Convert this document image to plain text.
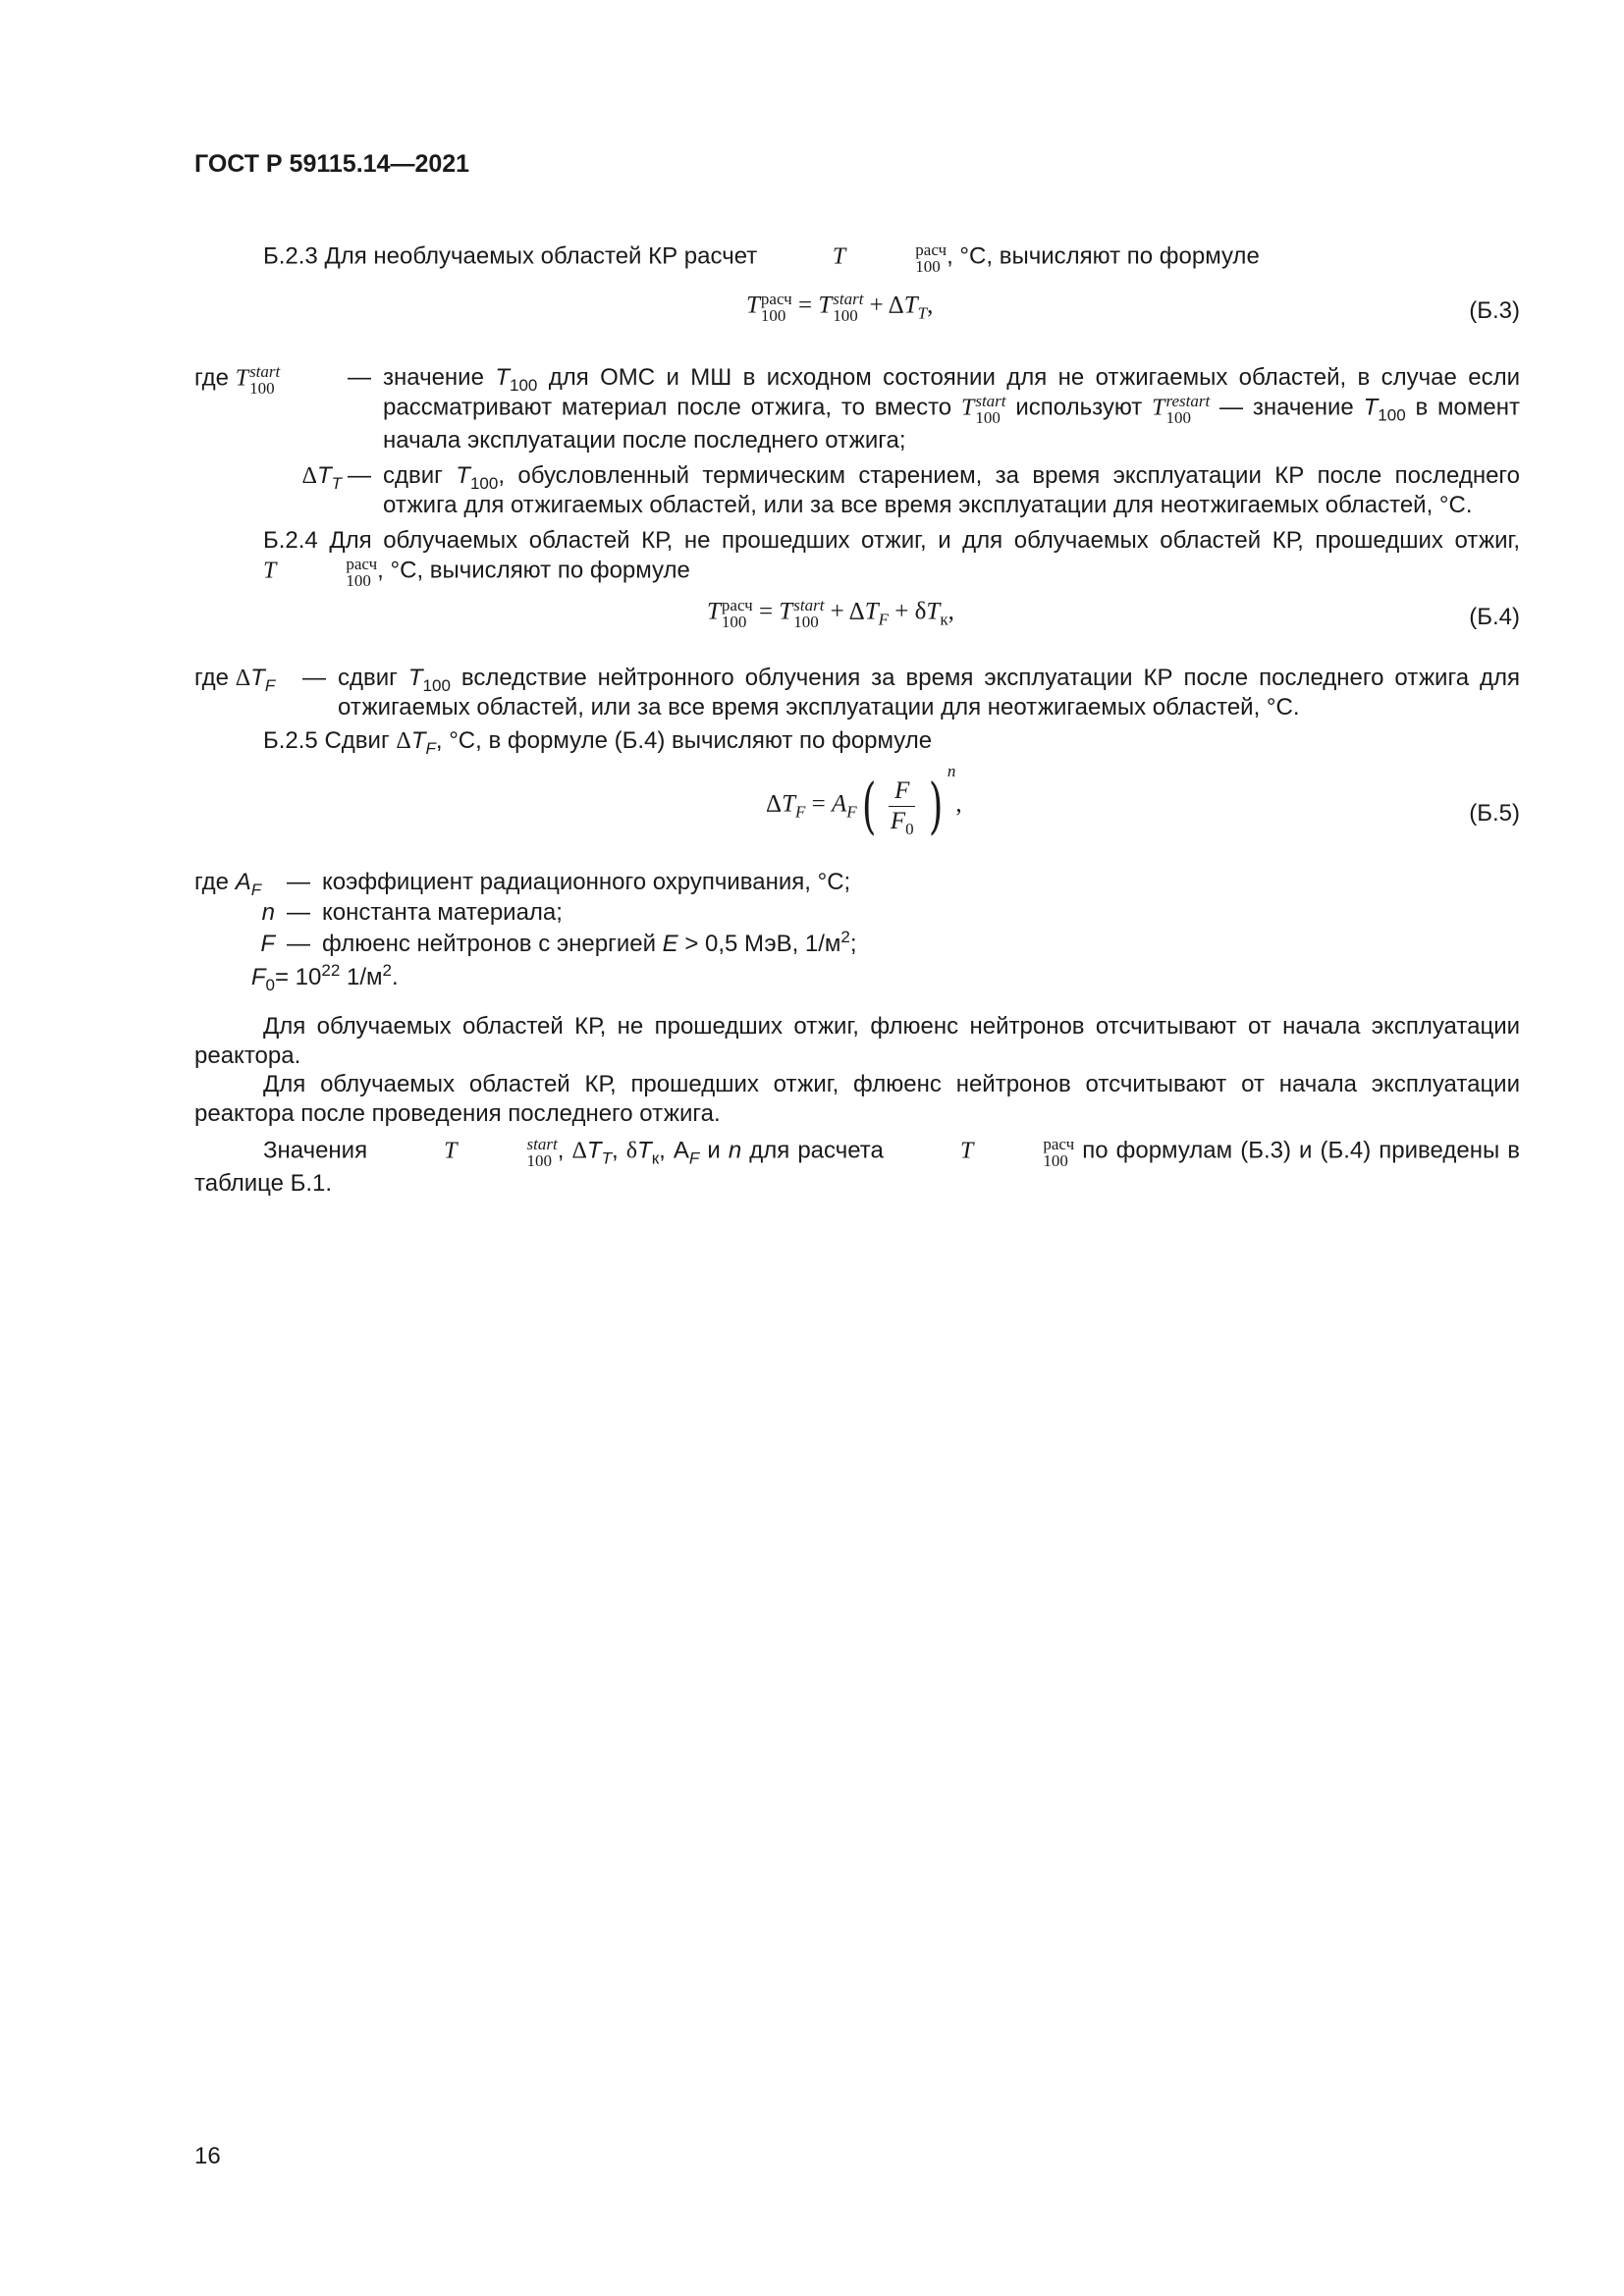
ГОСТ Р 59115.14—2021
Б.2.3 Для необлучаемых областей КР расчет	T	расч
100 , °С, вычисляют по формуле
T расч
100 = T start
$100 + \Delta T_T$,	(Б.3)
где T start
100	— значение $T_{100}$ для ОМС и МШ в исходном состоянии для не отжигаемых областей, в случае если рассматривают материал после отжига, то вместо T start
100 используют T restart
100 — значение $T_{100}$ в момент начала эксплуатации после последнего отжига;
$\Delta T_T$ — сдвиг $T_{100}$, обусловленный термическим старением, за время эксплуатации КР после последнего отжига для отжигаемых областей, или за все время эксплуатации для неотжигаемых областей, °С.
Б.2.4 Для облучаемых областей КР, не прошедших отжиг, и для облучаемых областей КР, прошедших отжиг, T	расч
100 , °С, вычисляют по формуле
T расч
100 = T start
$100 + \Delta T_F + \delta T_к$,	(Б.4)
где $\Delta T_F$	— сдвиг $T_{100}$ вследствие нейтронного облучения за время эксплуатации КР после последнего отжига для отжигаемых областей, или за все время эксплуатации для неотжигаемых областей, °С.
Б.2.5 Сдвиг $\Delta T_F$, °С, в формуле (Б.4) вычисляют по формуле
$\Delta T_F = A_F( \frac{F}{F_0}$ ) $^n$,	(Б.5)
где $A_F$	— коэффициент радиационного охрупчивания, °С;
n — константа материала;
F — флюенс нейтронов с энергией E > 0,5 МэВ, $1/м^2$;
$F_0 = 10^{22}$ $1/м^2$.
Для облучаемых областей КР, не прошедших отжиг, флюенс нейтронов отсчитывают от начала эксплуатации реактора.
Для облучаемых областей КР, прошедших отжиг, флюенс нейтронов отсчитывают от начала эксплуатации реактора после проведения последнего отжига.
Значения	T	start
100 , $\Delta T_T$, $\delta T_к$, $А_F$ и n для расчета	T	расч
100 по формулам (Б.3) и (Б.4) приведены в таблице Б.1.
16
